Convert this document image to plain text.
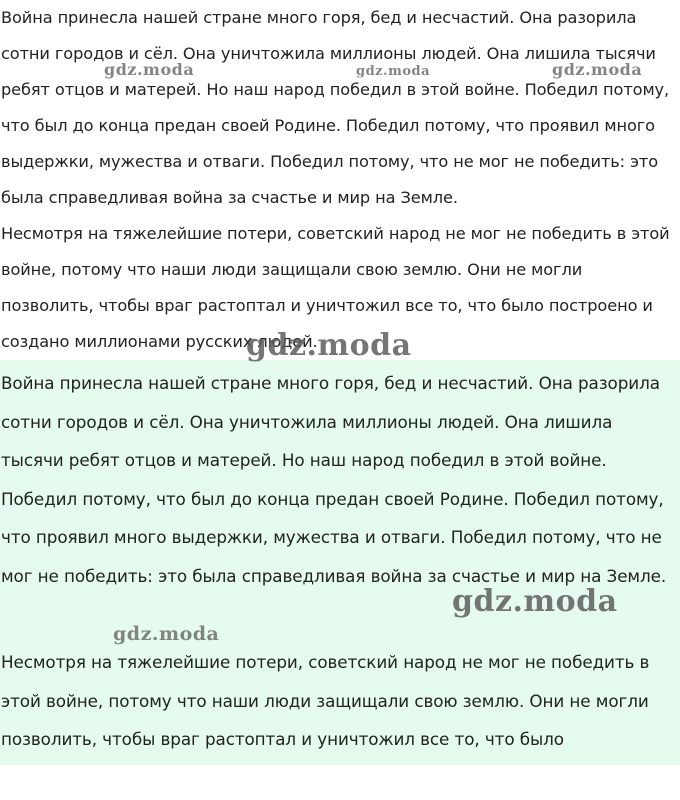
Война принесла нашей стране много горя, бед и несчастий. Она разорила сотни городов и сёл. Она уничтожила миллионы людей. Она лишила тысячи ребят отцов и матерей. Но наш народ победил в этой войне. Победил потому, что был до конца предан своей Родине. Победил потому, что проявил много выдержки, мужества и отваги. Победил потому, что не мог не победить: это была справедливая война за счастье и мир на Земле.

Несмотря на тяжелейшие потери, советский народ не мог не победить в этой войне, потому что наши люди защищали свою землю. Они не могли позволить, чтобы враг растоптал и уничтожил все то, что было построено и создано миллионами русских людей.

Война принесла нашей стране много горя, бед и несчастий. Она разорила сотни городов и сёл. Она уничтожила миллионы людей. Она лишила тысячи ребят отцов и матерей. Но наш народ победил в этой войне. Победил потому, что был до конца предан своей Родине. Победил потому, что проявил много выдержки, мужества и отваги. Победил потому, что не мог не победить: это была справедливая война за счастье и мир на Земле.

Несмотря на тяжелейшие потери, советский народ не мог не победить в этой войне, потому что наши люди защищали свою землю. Они не могли позволить, чтобы враг растоптал и уничтожил все то, что было

gdz.moda	gdz.moda	gdz.moda
gdz.moda
gdz.moda
gdz.moda
